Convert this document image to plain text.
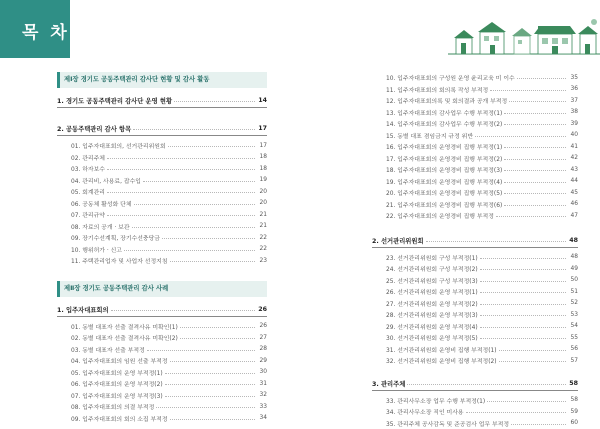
목 차
제Ⅰ장 경기도 공동주택관리 감사단 현황 및 감사 활동
1. 경기도 공동주택관리 감사단 운영 현황	14
2. 공동주택관리 감사 항목	17
01. 입주자대표회의, 선거관리위원회	17
02. 관리주체	18
03. 하자보수	18
04. 관리비, 사용료, 잡수입	19
05. 회계관리	20
06. 공동체 활성화 단체	20
07. 관리규약	21
08. 자료의 공개 · 보관	21
09. 장기수선계획, 장기수선충당금	22
10. 행위허가 · 신고	22
11. 주택관리업자 및 사업자 선정지침	23
제Ⅱ장 경기도 공동주택관리 감사 사례
1. 입주자대표회의	26
01. 동별 대표자 선출 결격사유 미확인(1)	26
02. 동별 대표자 선출 결격사유 미확인(2)	27
03. 동별 대표자 선출 부적정	28
04. 입주자대표회의 임원 선출 부적정	29
05. 입주자대표회의 운영 부적정(1)	30
06. 입주자대표회의 운영 부적정(2)	31
07. 입주자대표회의 운영 부적정(3)	32
08. 입주자대표회의 의결 부적정	33
09. 입주자대표회의 회의 소집 부적정	34
10. 입주자대표회의 구성원 운영 윤리교육 미 이수	35
11. 입주자대표회의 회의록 작성 부적정	36
12. 입주자대표회의록 및 회의결과 공개 부적정	37
13. 입주자대표회의 감사업무 수행 부적정(1)	38
14. 입주자대표회의 감사업무 수행 부적정(2)	39
15. 동별 대표 겸임금지 규정 위반	40
16. 입주자대표회의 운영경비 집행 부적정(1)	41
17. 입주자대표회의 운영경비 집행 부적정(2)	42
18. 입주자대표회의 운영경비 집행 부적정(3)	43
19. 입주자대표회의 운영경비 집행 부적정(4)	44
20. 입주자대표회의 운영경비 집행 부적정(5)	45
21. 입주자대표회의 운영경비 집행 부적정(6)	46
22. 입주자대표회의 운영경비 집행 부적정	47
2. 선거관리위원회	48
23. 선거관리위원회 구성 부적정(1)	48
24. 선거관리위원회 구성 부적정(2)	49
25. 선거관리위원회 구성 부적정(3)	50
26. 선거관리위원회 운영 부적정(1)	51
27. 선거관리위원회 운영 부적정(2)	52
28. 선거관리위원회 운영 부적정(3)	53
29. 선거관리위원회 운영 부적정(4)	54
30. 선거관리위원회 운영 부적정(5)	55
31. 선거관리위원회 운영비 집행 부적정(1)	56
32. 선거관리위원회 운영비 집행 부적정(2)	57
3. 관리주체	58
33. 관리사무소장 업무 수행 부적정(1)	58
34. 관리사무소장 직인 미사용	59
35. 관리주체 공사감독 및 준공검사 업무 부적정	60
